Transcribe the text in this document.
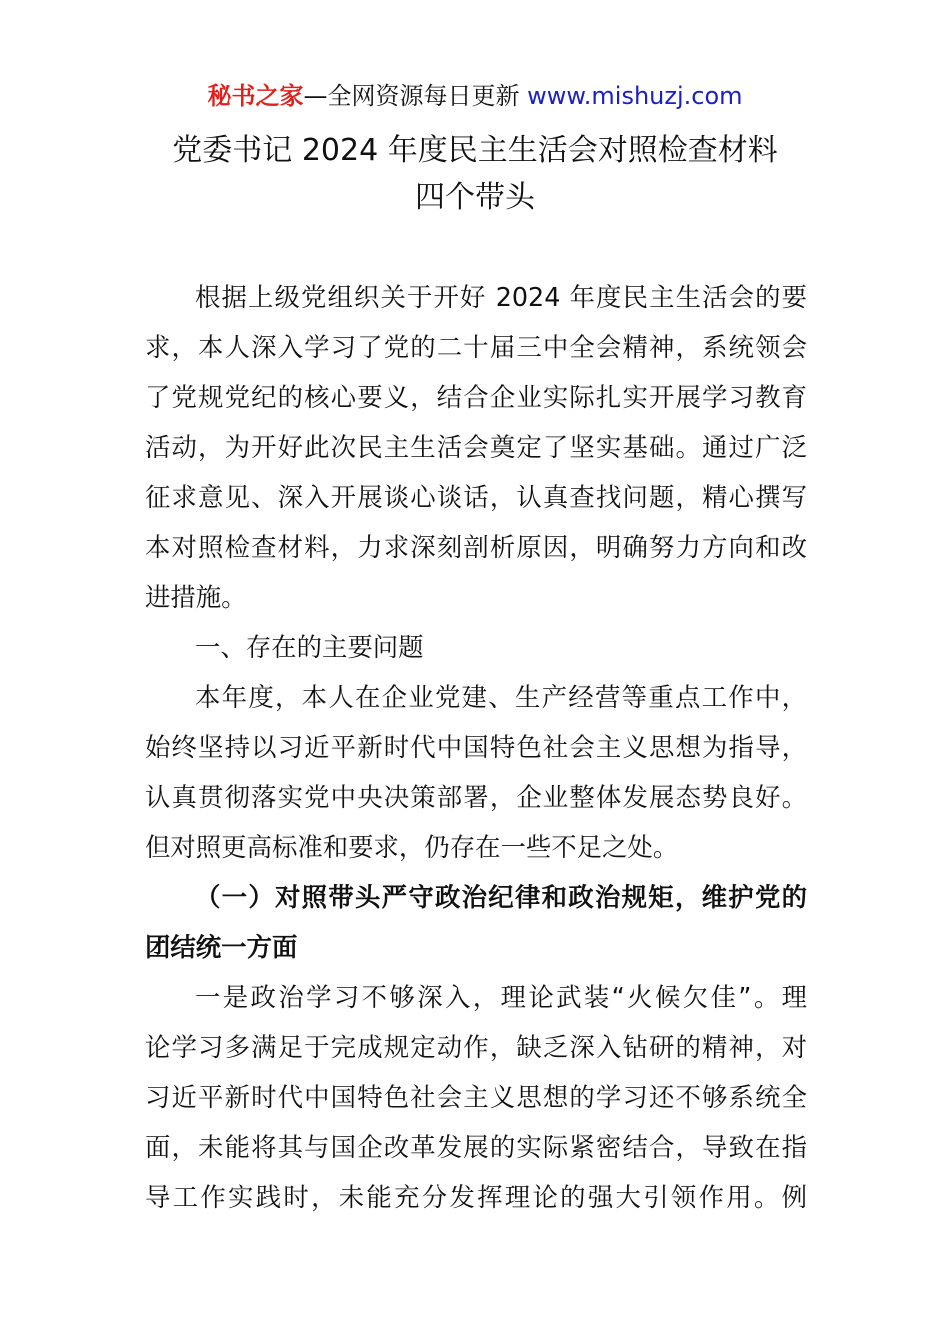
秘书之家—全网资源每日更新 www.mishuzj.com
党委书记 2024 年度民主生活会对照检查材料
四个带头
根据上级党组织关于开好 2024 年度民主生活会的要
求，本人深入学习了党的二十届三中全会精神，系统领会
了党规党纪的核心要义，结合企业实际扎实开展学习教育
活动，为开好此次民主生活会奠定了坚实基础。通过广泛
征求意见、深入开展谈心谈话，认真查找问题，精心撰写
本对照检查材料，力求深刻剖析原因，明确努力方向和改
进措施。
一、存在的主要问题
本年度，本人在企业党建、生产经营等重点工作中，
始终坚持以习近平新时代中国特色社会主义思想为指导，
认真贯彻落实党中央决策部署，企业整体发展态势良好。
但对照更高标准和要求，仍存在一些不足之处。
（一）对照带头严守政治纪律和政治规矩，维护党的
团结统一方面
一是政治学习不够深入，理论武装“火候欠佳”。理
论学习多满足于完成规定动作，缺乏深入钻研的精神，对
习近平新时代中国特色社会主义思想的学习还不够系统全
面，未能将其与国企改革发展的实际紧密结合，导致在指
导工作实践时，未能充分发挥理论的强大引领作用。例
